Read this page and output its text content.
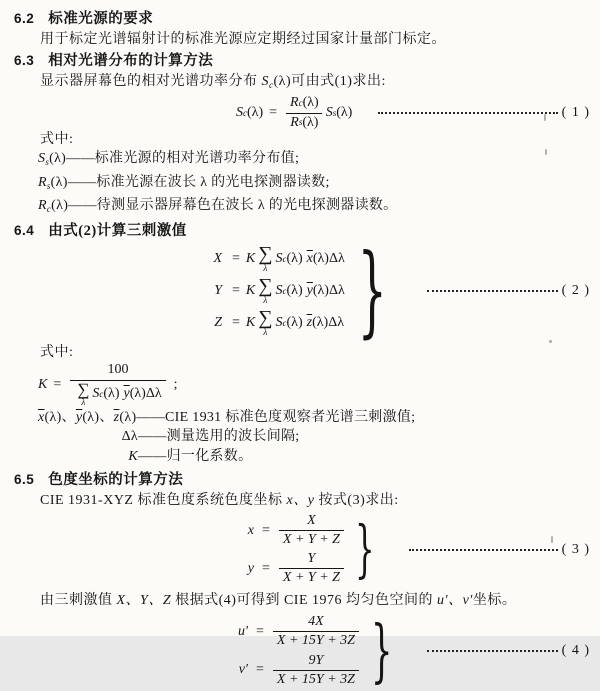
6.2 标准光源的要求
用于标定光谱辐射计的标准光源应定期经过国家计量部门标定。
6.3 相对光谱分布的计算方法
显示器屏幕色的相对光谱功率分布 $S_c(\lambda)$可由式(1)求出:
S c $(\lambda) = \frac{\text{R c (λ)}}{\text{R s (λ)}}$ S s (λ)	( 1 )
式中:
$S_s(\lambda)——$标准光源的相对光谱功率分布值;
$R_s(\lambda)——$标准光源在波长 λ 的光电探测器读数;
$R_c(\lambda)——$待测显示器屏幕色在波长 λ 的光电探测器读数。
6.4 由式(2)计算三刺激值
X = K ∑
λ
S c (λ) $\overline{x}$ (λ) Δλ
Y = K ∑
λ
S c (λ) $\overline{y}$ (λ) Δλ
Z = K ∑
λ
S c (λ) $\overline{z}$ (λ) Δλ }	( 2 )
式中:
K = 100
∑
λ
S c (λ) $\overline{y}$ (λ) Δλ ;
$\overline{x}(\lambda)$、$\overline{y}(\lambda)$、$\overline{z}(\lambda)——CIE$ 1931 标准色度观察者光谱三刺激值;
Δλ——测量选用的波长间隔;
K——归一化系数。
6.5 色度坐标的计算方法
CIE 1931-XYZ 标准色度系统色度坐标 x、y 按式(3)求出:
$x = \frac{X}{X + Y + Z}$
$y = \frac{Y}{X + Y + Z}$ }	( 3 )
由三刺激值 X、Y、Z 根据式(4)可得到 CIE 1976 均匀色空间的 u′、v′坐标。
$u' = \frac{4X}{X + 15Y + 3Z}$
$v' = \frac{9Y}{X + 15Y + 3Z}$ }	( 4 )
